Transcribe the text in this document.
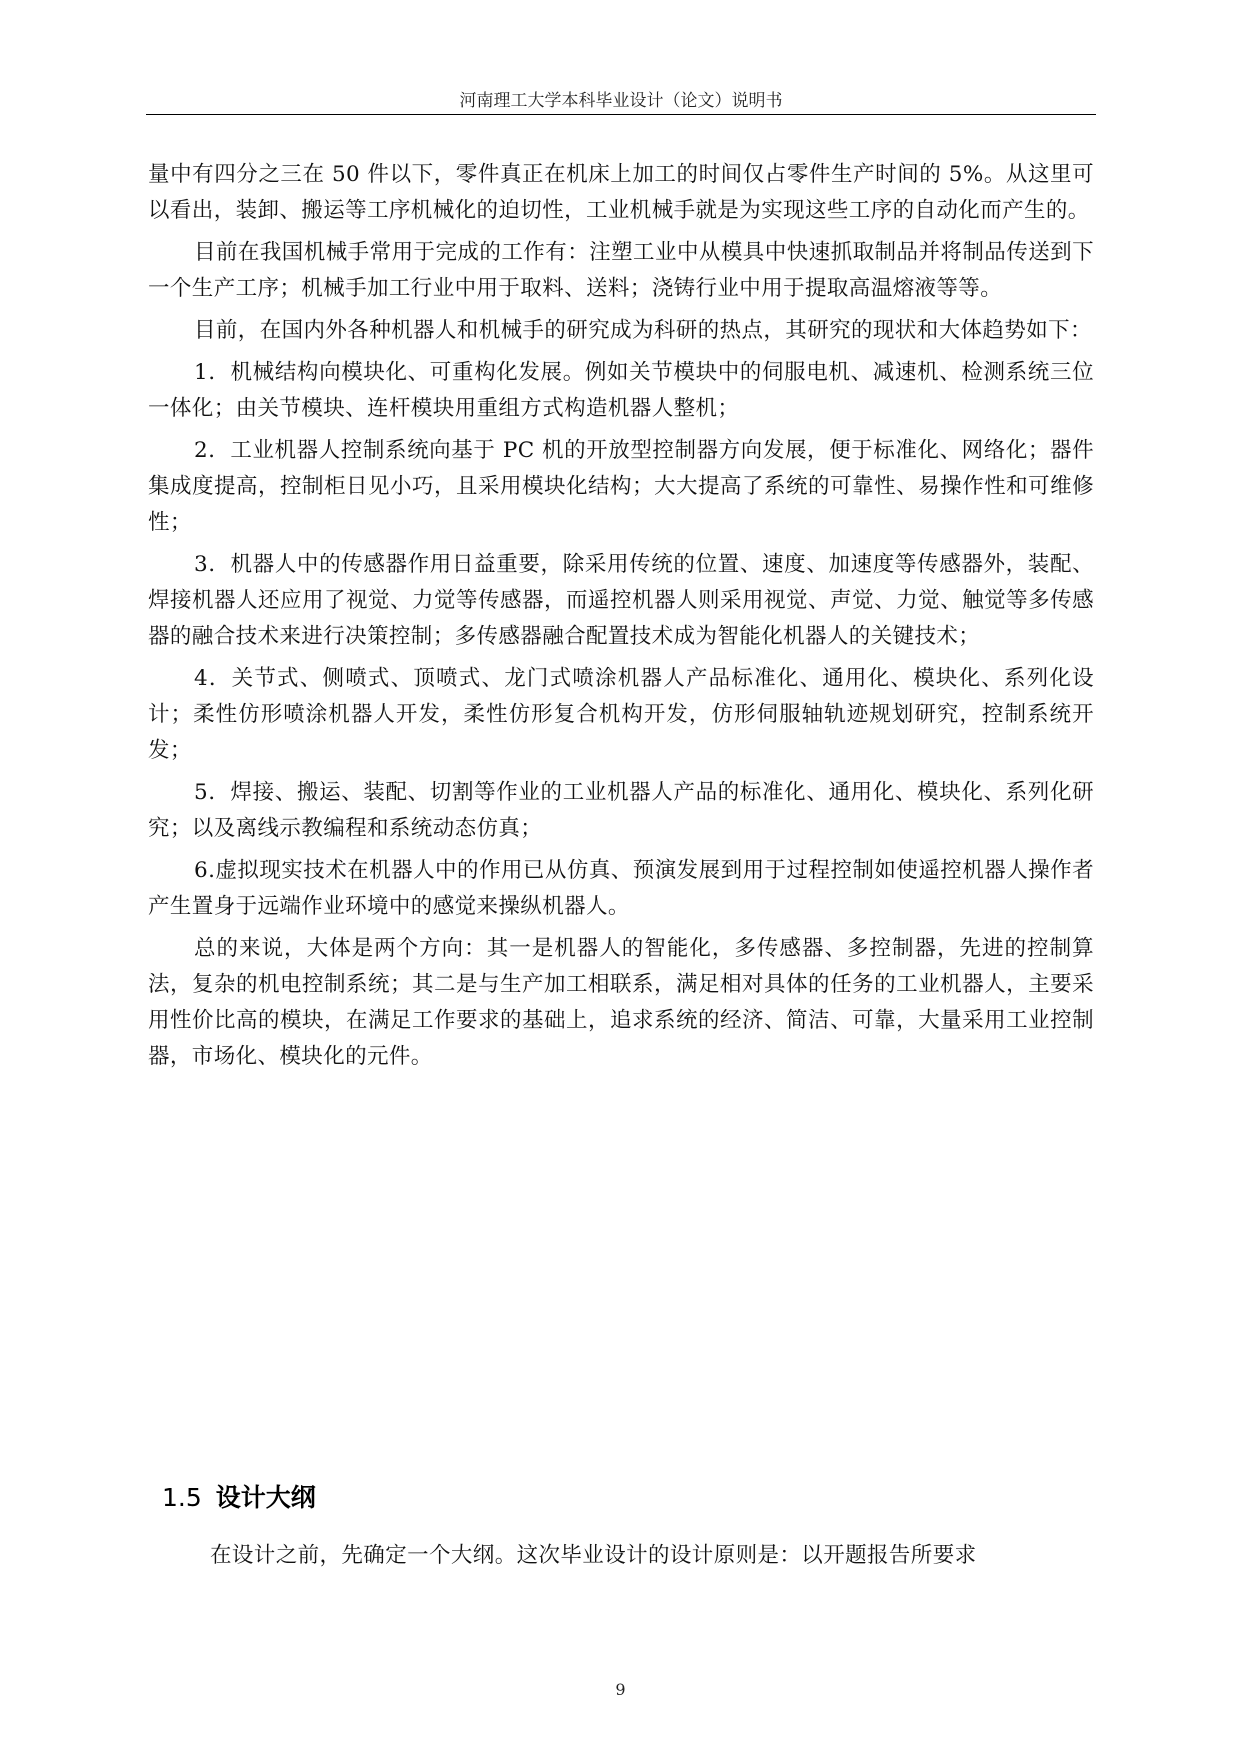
河南理工大学本科毕业设计（论文）说明书

量中有四分之三在 50 件以下，零件真正在机床上加工的时间仅占零件生产时间的 5%。从这里可以看出，装卸、搬运等工序机械化的迫切性，工业机械手就是为实现这些工序的自动化而产生的。

目前在我国机械手常用于完成的工作有：注塑工业中从模具中快速抓取制品并将制品传送到下一个生产工序；机械手加工行业中用于取料、送料；浇铸行业中用于提取高温熔液等等。

目前，在国内外各种机器人和机械手的研究成为科研的热点，其研究的现状和大体趋势如下：

1．机械结构向模块化、可重构化发展。例如关节模块中的伺服电机、减速机、检测系统三位一体化；由关节模块、连杆模块用重组方式构造机器人整机；

2．工业机器人控制系统向基于 PC 机的开放型控制器方向发展，便于标准化、网络化；器件集成度提高，控制柜日见小巧，且采用模块化结构；大大提高了系统的可靠性、易操作性和可维修性；

3．机器人中的传感器作用日益重要，除采用传统的位置、速度、加速度等传感器外，装配、焊接机器人还应用了视觉、力觉等传感器，而遥控机器人则采用视觉、声觉、力觉、触觉等多传感器的融合技术来进行决策控制；多传感器融合配置技术成为智能化机器人的关键技术；

4．关节式、侧喷式、顶喷式、龙门式喷涂机器人产品标准化、通用化、模块化、系列化设计；柔性仿形喷涂机器人开发，柔性仿形复合机构开发，仿形伺服轴轨迹规划研究，控制系统开发；

5．焊接、搬运、装配、切割等作业的工业机器人产品的标准化、通用化、模块化、系列化研究；以及离线示教编程和系统动态仿真；

6.虚拟现实技术在机器人中的作用已从仿真、预演发展到用于过程控制如使遥控机器人操作者产生置身于远端作业环境中的感觉来操纵机器人。

总的来说，大体是两个方向：其一是机器人的智能化，多传感器、多控制器，先进的控制算法，复杂的机电控制系统；其二是与生产加工相联系，满足相对具体的任务的工业机器人，主要采用性价比高的模块，在满足工作要求的基础上，追求系统的经济、简洁、可靠，大量采用工业控制器，市场化、模块化的元件。

1.5 设计大纲
在设计之前，先确定一个大纲。这次毕业设计的设计原则是：以开题报告所要求
9
